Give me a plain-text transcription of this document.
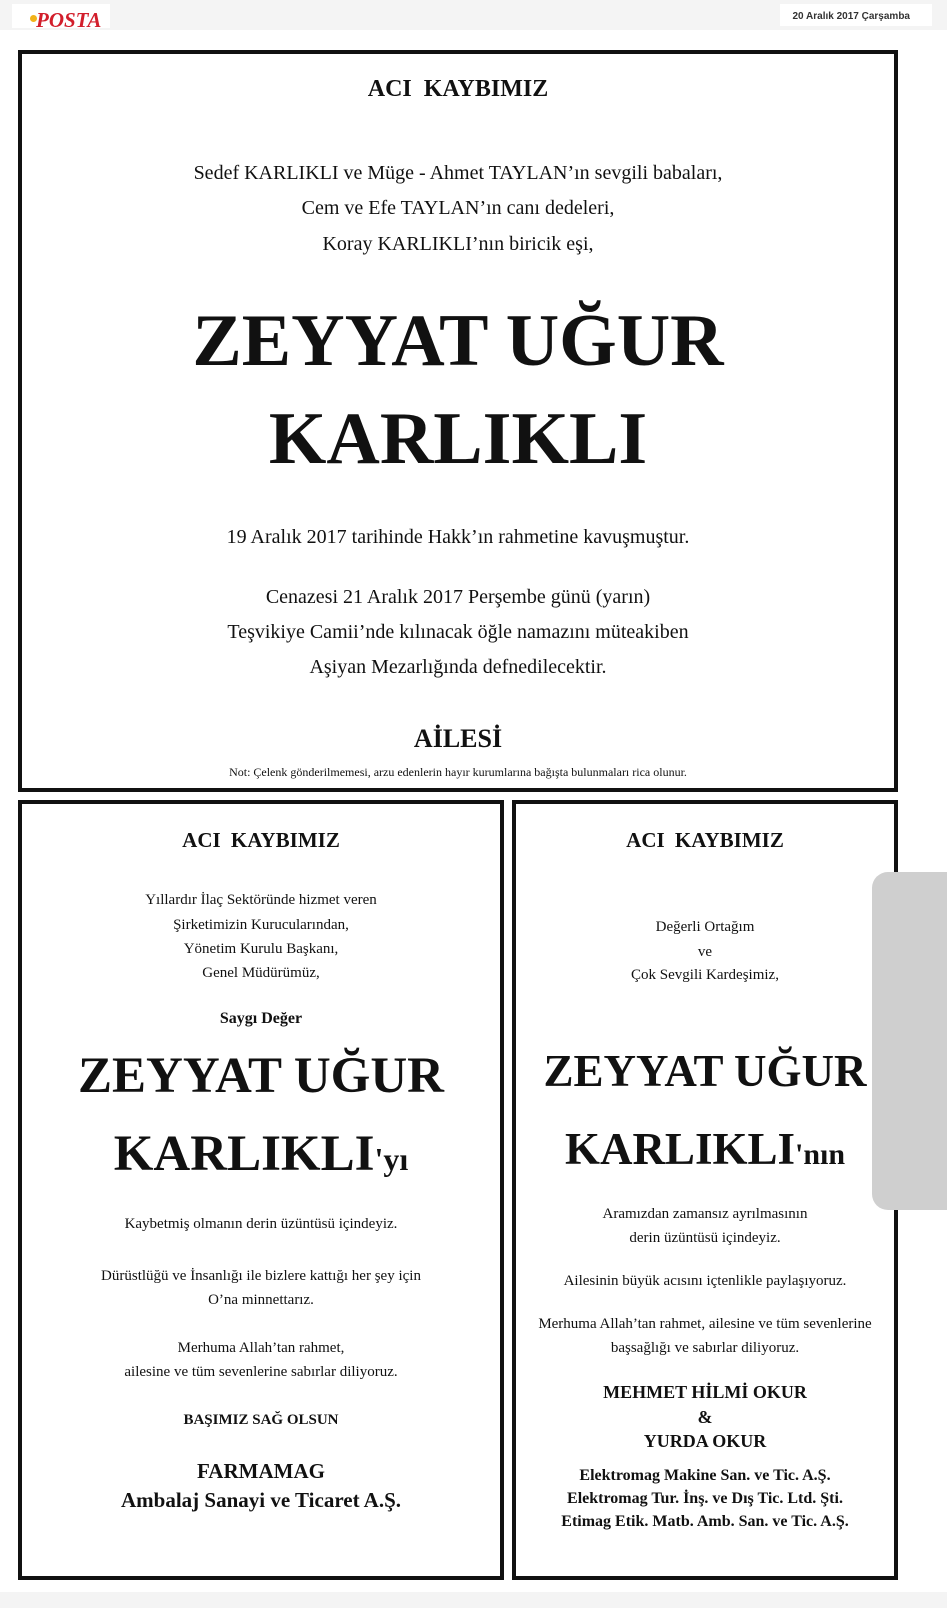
POSTA	20 Aralık 2017 Çarşamba
ACI KAYBIMIZ
Sedef KARLIKLI ve Müge - Ahmet TAYLAN’ın sevgili babaları,
Cem ve Efe TAYLAN’ın canı dedeleri,
Koray KARLIKLI’nın biricik eşi,
ZEYYAT UĞUR
KARLIKLI
19 Aralık 2017 tarihinde Hakk’ın rahmetine kavuşmuştur.
Cenazesi 21 Aralık 2017 Perşembe günü (yarın)
Teşvikiye Camii’nde kılınacak öğle namazını müteakiben
Aşiyan Mezarlığında defnedilecektir.
AİLESİ
Not: Çelenk gönderilmemesi, arzu edenlerin hayır kurumlarına bağışta bulunmaları rica olunur.
ACI KAYBIMIZ
Yıllardır İlaç Sektöründe hizmet veren
Şirketimizin Kurucularından,
Yönetim Kurulu Başkanı,
Genel Müdürümüz,
Saygı Değer
ZEYYAT UĞUR
KARLIKLI'yı
Kaybetmiş olmanın derin üzüntüsü içindeyiz.
Dürüstlüğü ve İnsanlığı ile bizlere kattığı her şey için
O’na minnettarız.
Merhuma Allah’tan rahmet,
ailesine ve tüm sevenlerine sabırlar diliyoruz.
BAŞIMIZ SAĞ OLSUN
FARMAMAG
Ambalaj Sanayi ve Ticaret A.Ş.
ACI KAYBIMIZ
Değerli Ortağım
ve
Çok Sevgili Kardeşimiz,
ZEYYAT UĞUR
KARLIKLI'nın
Aramızdan zamansız ayrılmasının
derin üzüntüsü içindeyiz.
Ailesinin büyük acısını içtenlikle paylaşıyoruz.
Merhuma Allah’tan rahmet, ailesine ve tüm sevenlerine
başsağlığı ve sabırlar diliyoruz.
MEHMET HİLMİ OKUR
&
YURDA OKUR
Elektromag Makine San. ve Tic. A.Ş.
Elektromag Tur. İnş. ve Dış Tic. Ltd. Şti.
Etimag Etik. Matb. Amb. San. ve Tic. A.Ş.
